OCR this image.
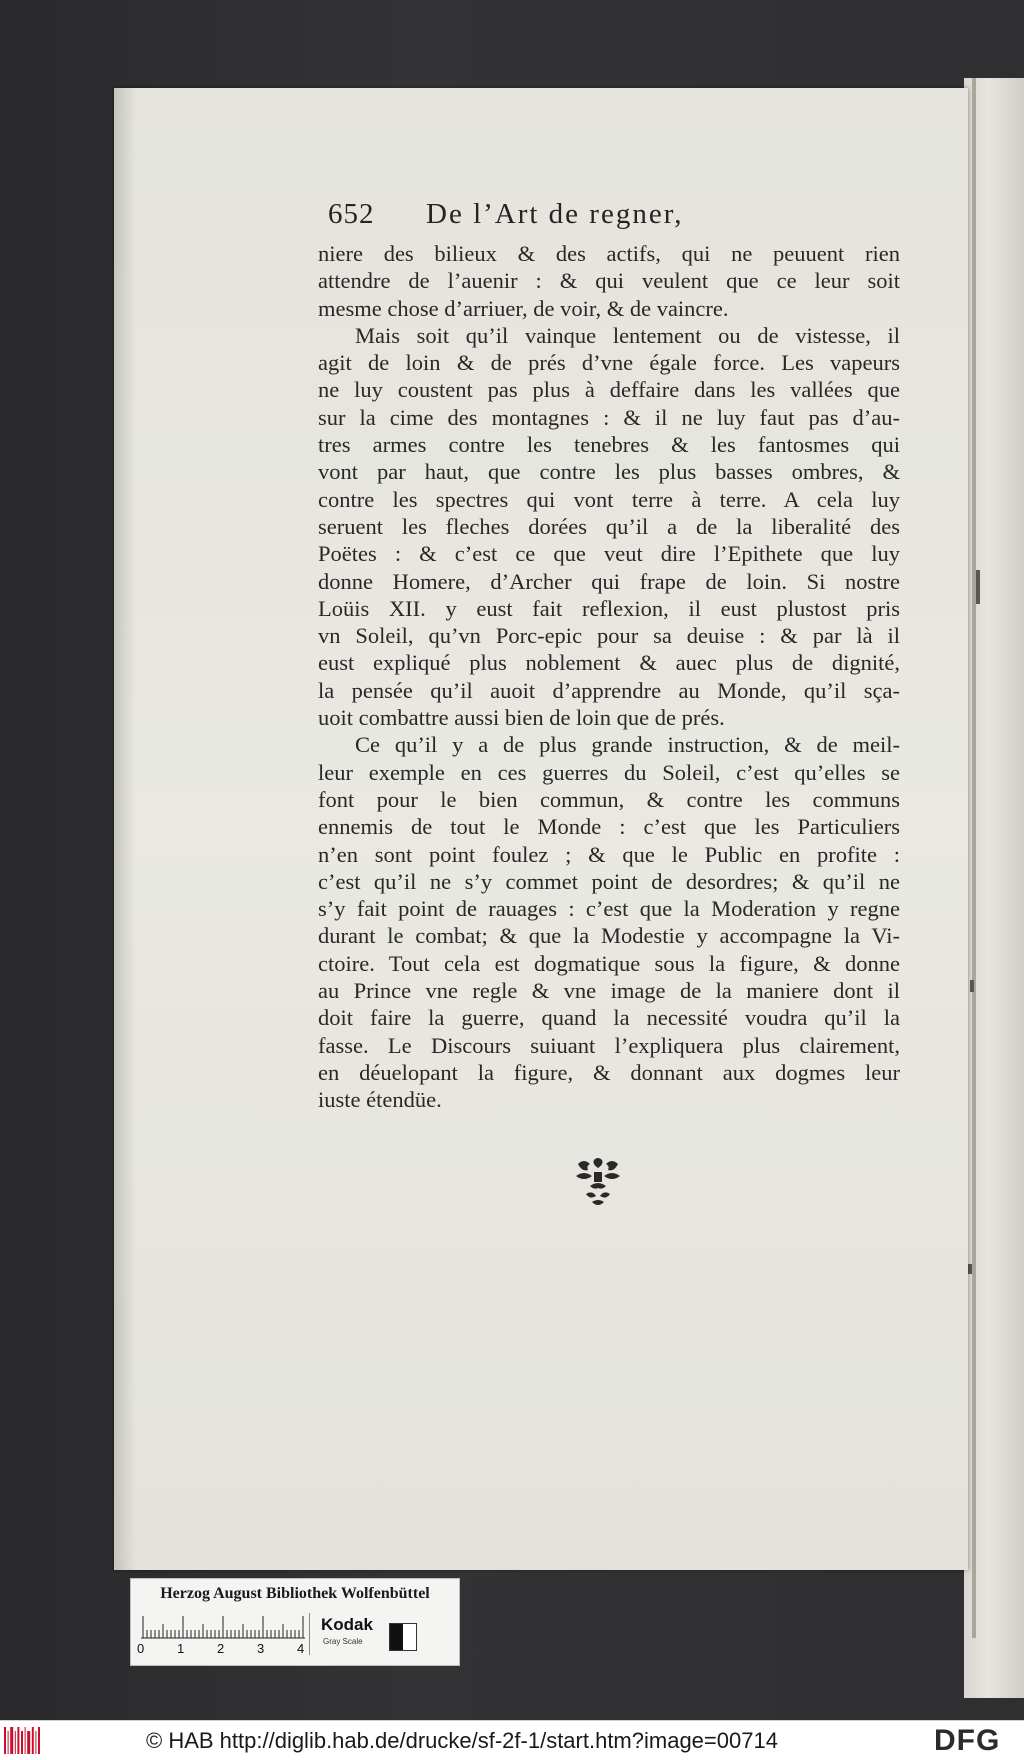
652 De l’Art de regner,
niere des bilieux & des actifs, qui ne peuuent rien
attendre de l’auenir : & qui veulent que ce leur soit
mesme chose d’arriuer, de voir, & de vaincre.
Mais soit qu’il vainque lentement ou de vistesse, il
agit de loin & de prés d’vne égale force. Les vapeurs
ne luy coustent pas plus à deffaire dans les vallées que
sur la cime des montagnes : & il ne luy faut pas d’au-
tres armes contre les tenebres & les fantosmes qui
vont par haut, que contre les plus basses ombres, &
contre les spectres qui vont terre à terre. A cela luy
seruent les fleches dorées qu’il a de la liberalité des
Poëtes : & c’est ce que veut dire l’Epithete que luy
donne Homere, d’Archer qui frape de loin. Si nostre
Loüis XII. y eust fait reflexion, il eust plustost pris
vn Soleil, qu’vn Porc-epic pour sa deuise : & par là il
eust expliqué plus noblement & auec plus de dignité,
la pensée qu’il auoit d’apprendre au Monde, qu’il sça-
uoit combattre aussi bien de loin que de prés.
Ce qu’il y a de plus grande instruction, & de meil-
leur exemple en ces guerres du Soleil, c’est qu’elles se
font pour le bien commun, & contre les communs
ennemis de tout le Monde : c’est que les Particuliers
n’en sont point foulez ; & que le Public en profite :
c’est qu’il ne s’y commet point de desordres; & qu’il ne
s’y fait point de rauages : c’est que la Moderation y regne
durant le combat; & que la Modestie y accompagne la Vi-
ctoire. Tout cela est dogmatique sous la figure, & donne
au Prince vne regle & vne image de la maniere dont il
doit faire la guerre, quand la necessité voudra qu’il la
fasse. Le Discours suiuant l’expliquera plus clairement,
en déuelopant la figure, & donnant aux dogmes leur
iuste étendüe.
Herzog August Bibliothek Wolfenbüttel
0	1	2	3	4
Kodak
Gray Scale
© HAB http://diglib.hab.de/drucke/sf-2f-1/start.htm?image=00714	DFG
